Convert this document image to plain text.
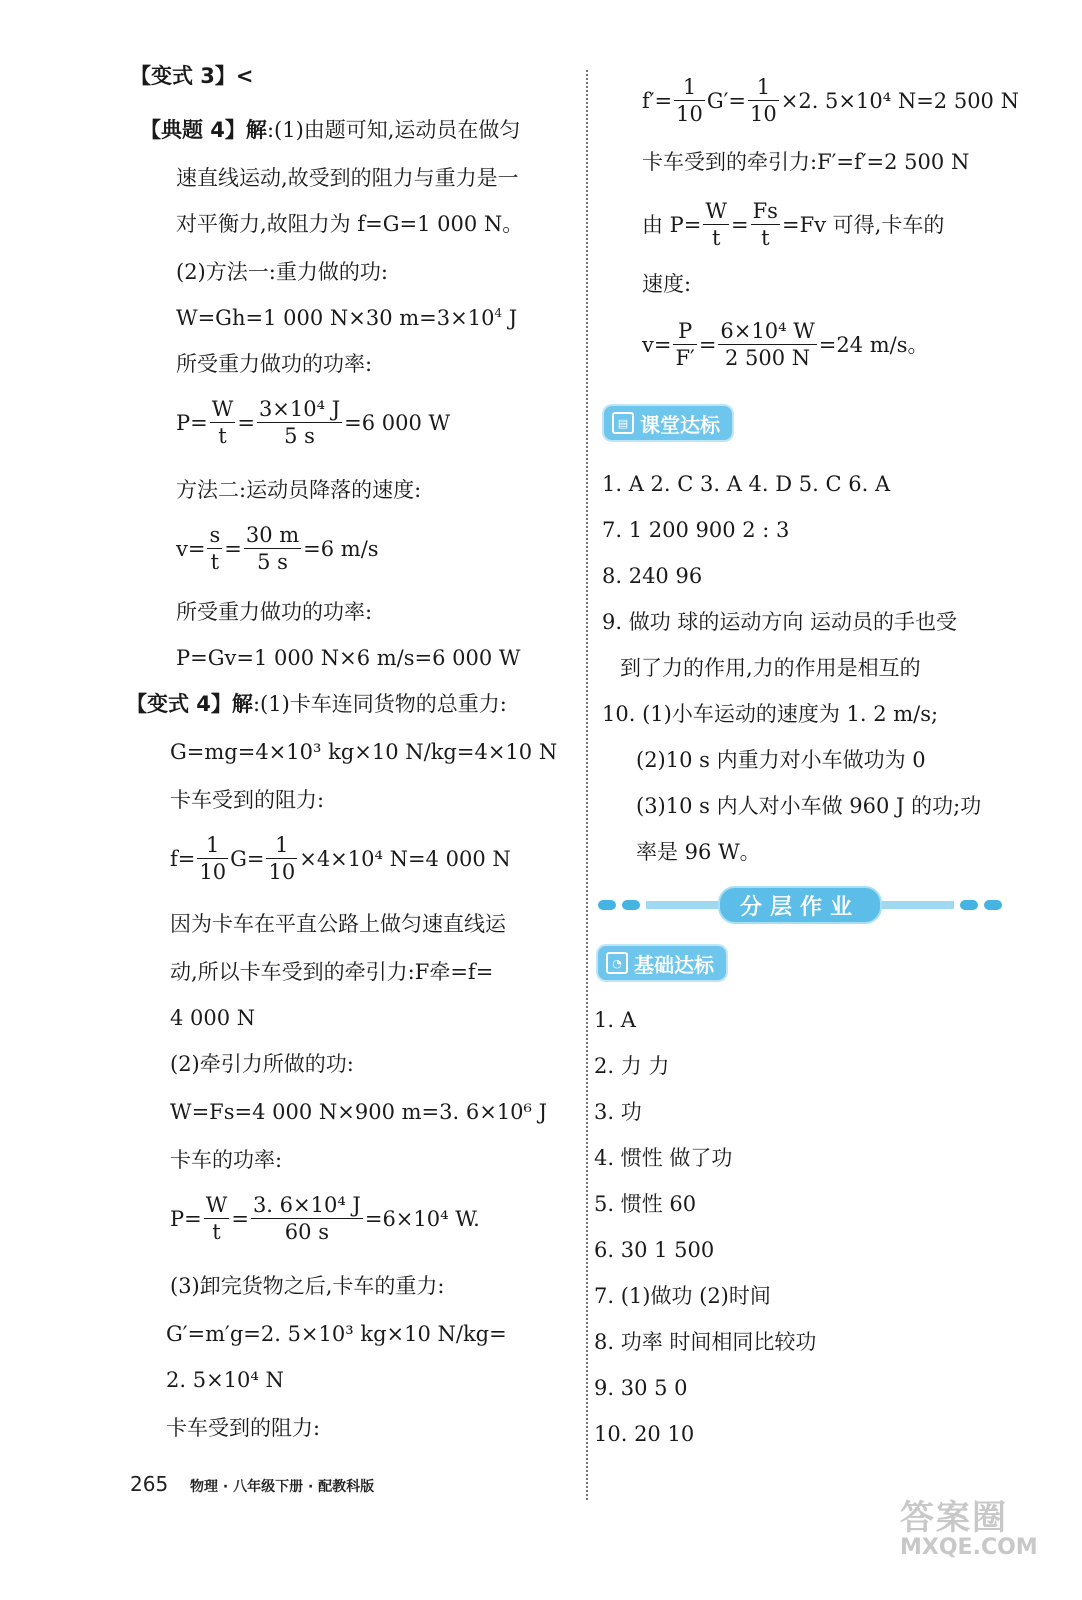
【变式 3】<
【典题 4】解:(1)由题可知,运动员在做匀
速直线运动,故受到的阻力与重力是一
对平衡力,故阻力为 f=G=1 000 N。
(2)方法一:重力做的功:
W=Gh=1 000 N×30 $m=3\times 10^4$ J
所受重力做功的功率:
$P= \frac{W}{t} = \frac{\text{3×10⁴ J}}{5 s} =6$ 000 W
方法二:运动员降落的速度:
$v= \frac{s}{t} = \frac{30 m}{5 s} =6$ m/s
所受重力做功的功率:
P=Gv=1 000 N×6 m/s=6 000 W
【变式 4】解:(1)卡车连同货物的总重力:
G=mg=4×10³ kg×10 N/kg=4×10 N
卡车受到的阻力:
$f= \frac{1}{10} G= \frac{1}{10} \times 4\times 10^4$ N=4 000 N
因为卡车在平直公路上做匀速直线运
动,所以卡车受到的牵引力:F牵=f=
4 000 N
(2)牵引力所做的功:
W=Fs=4 000 N×900 m=3. 6×10⁶ J
卡车的功率:
$P= \frac{W}{t} = \frac{\text{3. 6×10⁴ J}}{60 s} =6\times 10^4$ W.
(3)卸完货物之后,卡车的重力:
G′=m′g=2. 5×10³ kg×10 N/kg=
2. 5×10⁴ N
卡车受到的阻力:
$f'= \frac{1}{10} G'= \frac{1}{10} \times 2$. 5×10⁴ N=2 500 N
卡车受到的牵引力:F′=f′=2 500 N
由 $P= \frac{W}{t} = \frac{Fs}{t} =Fv$ 可得,卡车的
速度:
$v= \frac{P}{F'} = \frac{\text{6×10⁴ W}}{2 500 N} =24$ m/s。
▤ 课堂达标
1. A 2. C 3. A 4. D 5. C 6. A
7. 1 200 900 2 : 3
8. 240 96
9. 做功 球的运动方向 运动员的手也受
到了力的作用,力的作用是相互的
10. (1)小车运动的速度为 1. 2 m/s;
(2)10 s 内重力对小车做功为 0
(3)10 s 内人对小车做 960 J 的功;功
率是 96 W。
分层作业
◔ 基础达标
1. A
2. 力 力
3. 功
4. 惯性 做了功
5. 惯性 60
6. 30 1 500
7. (1)做功 (2)时间
8. 功率 时间相同比较功
9. 30 5 0
10. 20 10
265 物理 · 八年级下册 · 配教科版
答案圈
MXQE.COM
